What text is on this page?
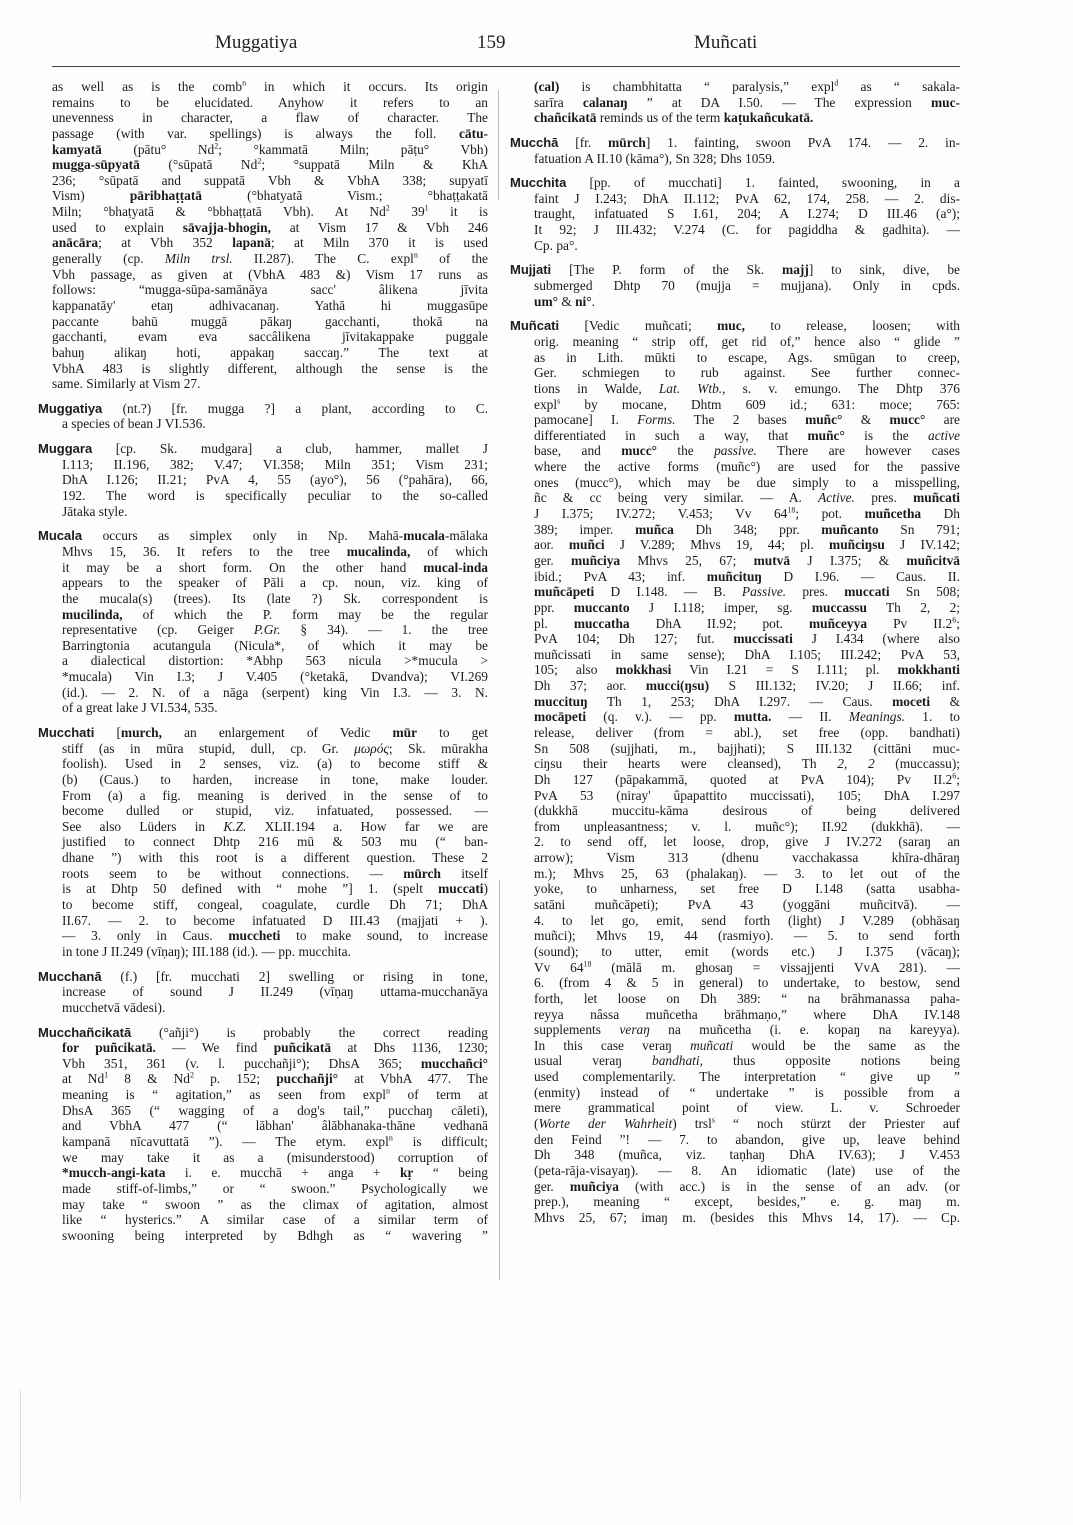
Muggatiya	159	Muñcati
as well as is the comb$^n$ in which it occurs. Its origin
remains to be elucidated. Anyhow it refers to an
unevenness in character, a flaw of character. The
passage (with var. spellings) is always the foll. cātu-
kamyatā (pātu° Nd$^2$; °kammatā Miln; pāṭu° Vbh)
mugga-sūpyatā (°sūpatā Nd$^2$; °suppatā Miln & KhA
236; °sūpatā and suppatā Vbh & VbhA 338; supyatī
Vism) pāribhaṭṭatā (°bhatyatā Vism.; °bhaṭṭakatā
Miln; °bhaṭyatā & °bbhaṭṭatā Vbh). At Nd$^2$ $39^1$ it is
used to explain sāvajja-bhogin, at Vism 17 & Vbh 246
anācāra; at Vbh 352 lapanā; at Miln 370 it is used
generally (cp. Miln trsl. II.287). The C. expl$^n$ of the
Vbh passage, as given at (VbhA 483 &) Vism 17 runs as
follows: “mugga-sūpa-samānāya sacc' âlikena jīvita
kappanatāy' etaŋ adhivacanaŋ. Yathā hi muggasūpe
paccante bahū muggā pākaŋ gacchanti, thokā na
gacchanti, evam eva saccâlikena jīvitakappake puggale
bahuŋ alikaŋ hoti, appakaŋ saccaŋ.” The text at
VbhA 483 is slightly different, although the sense is the
same. Similarly at Vism 27.
Muggatiya (nt.?) [fr. mugga ?] a plant, according to C.
a species of bean J VI.536.
Muggara [cp. Sk. mudgara] a club, hammer, mallet J
I.113; II.196, 382; V.47; VI.358; Miln 351; Vism 231;
DhA I.126; II.21; PvA 4, 55 (ayo°), 56 (°pahāra), 66,
192. The word is specifically peculiar to the so-called
Jātaka style.
Mucala occurs as simplex only in Np. Mahā-mucala-mālaka
Mhvs 15, 36. It refers to the tree mucalinda, of which
it may be a short form. On the other hand mucal-inda
appears to the speaker of Pāli a cp. noun, viz. king of
the mucala(s) (trees). Its (late ?) Sk. correspondent is
mucilinda, of which the P. form may be the regular
representative (cp. Geiger P.Gr. § 34). — 1. the tree
Barringtonia acutangula (Nicula*, of which it may be
a dialectical distortion: *Abhp 563 nicula >*mucula >
*mucala) Vin I.3; J V.405 (°ketakā, Dvandva); VI.269
(id.). — 2. N. of a nāga (serpent) king Vin I.3. — 3. N.
of a great lake J VI.534, 535.
Mucchati [murch, an enlargement of Vedic mūr to get
stiff (as in mūra stupid, dull, cp. Gr. μωρός; Sk. mūrakha
foolish). Used in 2 senses, viz. (a) to become stiff &
(b) (Caus.) to harden, increase in tone, make louder.
From (a) a fig. meaning is derived in the sense of to
become dulled or stupid, viz. infatuated, possessed. —
See also Lüders in K.Z. XLII.194 a. How far we are
justified to connect Dhtp 216 mū & 503 mu (“ ban-
dhane ”) with this root is a different question. These 2
roots seem to be without connections. — mūrch itself
is at Dhtp 50 defined with “ mohe ”] 1. (spelt muccati)
to become stiff, congeal, coagulate, curdle Dh 71; DhA
II.67. — 2. to become infatuated D III.43 (majjati + ).
— 3. only in Caus. muccheti to make sound, to increase
in tone J II.249 (vīṇaŋ); III.188 (id.). — pp. mucchita.
Mucchanā (f.) [fr. mucchati 2] swelling or rising in tone,
increase of sound J II.249 (vīṇaŋ uttama-mucchanāya
mucchetvā vādesi).
Mucchañcikatā (°añji°) is probably the correct reading
for puñcikatā. — We find puñcikatā at Dhs 1136, 1230;
Vbh 351, 361 (v. l. pucchañji°); DhsA 365; mucchañci°
at Nd$^1$ 8 & Nd$^2$ p. 152; pucchañji° at VbhA 477. The
meaning is “ agitation,” as seen from expl$^n$ of term at
DhsA 365 (“ wagging of a dog's tail,” pucchaŋ cāleti),
and VbhA 477 (“ lābhan' âlābhanaka-thāne vedhanā
kampanā nīcavuttatā ”). — The etym. expl$^n$ is difficult;
we may take it as a (misunderstood) corruption of
*mucch-angi-kata i. e. mucchā + anga + kṛ “ being
made stiff-of-limbs,” or “ swoon.” Psychologically we
may take “ swoon ” as the climax of agitation, almost
like “ hysterics.” A similar case of a similar term of
swooning being interpreted by Bdhgh as “ wavering ”
(cal) is chambhitatta “ paralysis,” expl$^d$ as “ sakala-
sarīra calanaŋ ” at DA I.50. — The expression muc-
chañcikatā reminds us of the term kaṭukañcukatā.
Mucchā [fr. mūrch] 1. fainting, swoon PvA 174. — 2. in-
fatuation A II.10 (kāma°), Sn 328; Dhs 1059.
Mucchita [pp. of mucchati] 1. fainted, swooning, in a
faint J I.243; DhA II.112; PvA 62, 174, 258. — 2. dis-
traught, infatuated S I.61, 204; A I.274; D III.46 (a°);
It 92; J III.432; V.274 (C. for pagiddha & gadhita). —
Cp. pa°.
Mujjati [The P. form of the Sk. majj] to sink, dive, be
submerged Dhtp 70 (mujja = mujjana). Only in cpds.
um° & ni°.
Muñcati [Vedic muñcati; muc, to release, loosen; with
orig. meaning “ strip off, get rid of,” hence also “ glide ”
as in Lith. mūkti to escape, Ags. smūgan to creep,
Ger. schmiegen to rub against. See further connec-
tions in Walde, Lat. Wtb., s. v. emungo. The Dhtp 376
expl$^s$ by mocane, Dhtm 609 id.; 631: moce; 765:
pamocane] I. Forms. The 2 bases muñc° & mucc° are
differentiated in such a way, that muñc° is the active
base, and mucc° the passive. There are however cases
where the active forms (muñc°) are used for the passive
ones (mucc°), which may be due simply to a misspelling,
ñc & cc being very similar. — A. Active. pres. muñcati
J I.375; IV.272; V.453; Vv $64^{18}$; pot. muñcetha Dh
389; imper. muñca Dh 348; ppr. muñcanto Sn 791;
aor. muñci J V.289; Mhvs 19, 44; pl. muñciŋsu J IV.142;
ger. muñciya Mhvs 25, 67; mutvā J I.375; & muñcitvā
ibid.; PvA 43; inf. muñcituŋ D I.96. — Caus. II.
muñcāpeti D I.148. — B. Passive. pres. muccati Sn 508;
ppr. muccanto J I.118; imper, sg. muccassu Th 2, 2;
pl. muccatha DhA II.92; pot. muñceyya Pv $II.2^6$;
PvA 104; Dh 127; fut. muccissati J I.434 (where also
muñcissati in same sense); DhA I.105; III.242; PvA 53,
105; also mokkhasi Vin I.21 = S I.111; pl. mokkhanti
Dh 37; aor. mucci(ŋsu) S III.132; IV.20; J II.66; inf.
muccituŋ Th 1, 253; DhA I.297. — Caus. moceti &
mocāpeti (q. v.). — pp. mutta. — II. Meanings. 1. to
release, deliver (from = abl.), set free (opp. bandhati)
Sn 508 (sujjhati, m., bajjhati); S III.132 (cittāni muc-
ciŋsu their hearts were cleansed), Th 2, 2 (muccassu);
Dh 127 (pāpakammā, quoted at PvA 104); Pv $II.2^6$;
PvA 53 (niray' ûpapattito muccissati), 105; DhA I.297
(dukkhā muccitu-kāma desirous of being delivered
from unpleasantness; v. l. muñc°); II.92 (dukkhā). —
2. to send off, let loose, drop, give J IV.272 (saraŋ an
arrow); Vism 313 (dhenu vacchakassa khīra-dhāraŋ
m.); Mhvs 25, 63 (phalakaŋ). — 3. to let out of the
yoke, to unharness, set free D I.148 (satta usabha-
satāni muñcāpeti); PvA 43 (yoggāni muñcitvā). —
4. to let go, emit, send forth (light) J V.289 (obhāsaŋ
muñci); Mhvs 19, 44 (rasmiyo). — 5. to send forth
(sound); to utter, emit (words etc.) J I.375 (vācaŋ);
Vv $64^{18}$ (mālā m. ghosaŋ = vissajjenti VvA 281). —
6. (from 4 & 5 in general) to undertake, to bestow, send
forth, let loose on Dh 389: “ na brāhmanassa paha-
reyya nâssa muñcetha brāhmaṇo,” where DhA IV.148
supplements veraŋ na muñcetha (i. e. kopaŋ na kareyya).
In this case veraŋ muñcati would be the same as the
usual veraŋ bandhati, thus opposite notions being
used complementarily. The interpretation “ give up ”
(enmity) instead of “ undertake ” is possible from a
mere grammatical point of view. L. v. Schroeder
(Worte der Wahrheit) trsl$^s$ “ noch stürzt der Priester auf
den Feind ”! — 7. to abandon, give up, leave behind
Dh 348 (muñca, viz. taṇhaŋ DhA IV.63); J V.453
(peta-rāja-visayaŋ). — 8. An idiomatic (late) use of the
ger. muñciya (with acc.) is in the sense of an adv. (or
prep.), meaning “ except, besides,” e. g. maŋ m.
Mhvs 25, 67; imaŋ m. (besides this Mhvs 14, 17). — Cp.
